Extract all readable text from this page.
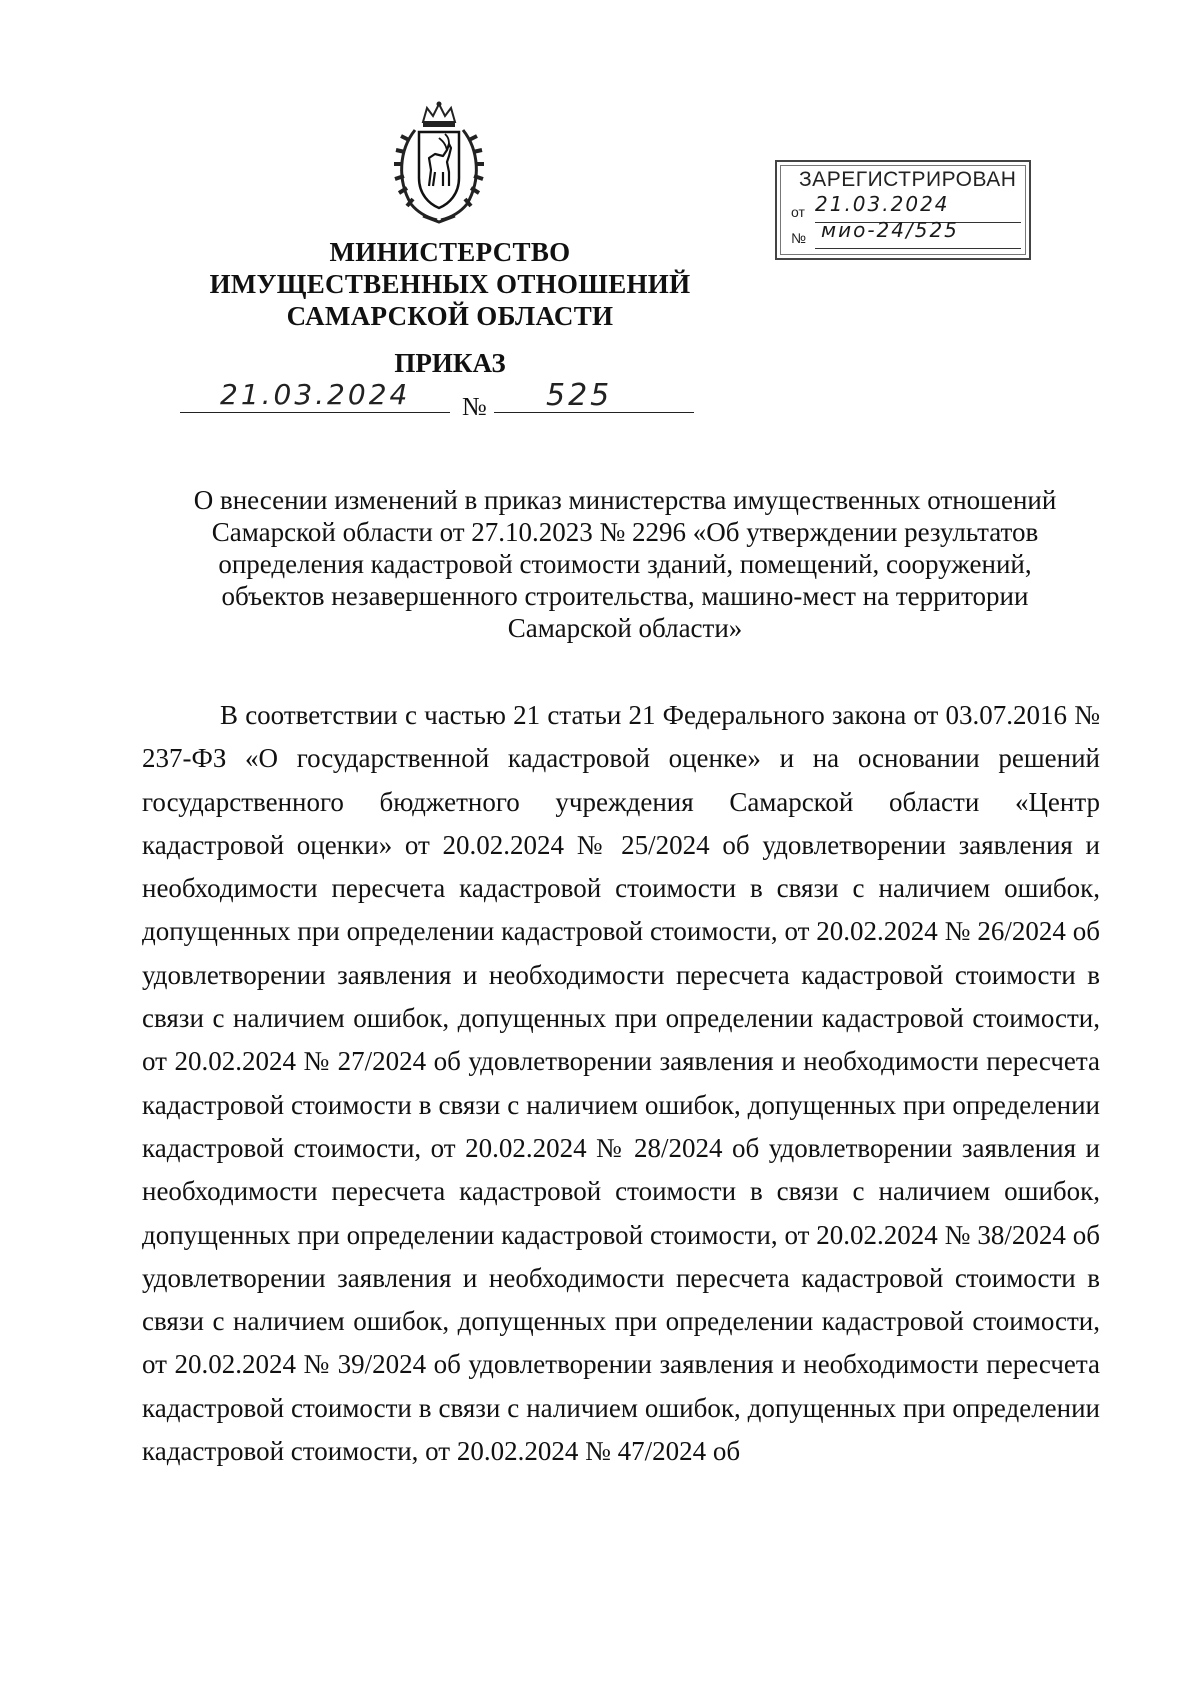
ЗАРЕГИСТРИРОВАН
от 21.03.2024
№ мио-24/525
МИНИСТЕРСТВО
ИМУЩЕСТВЕННЫХ ОТНОШЕНИЙ
САМАРСКОЙ ОБЛАСТИ
ПРИКАЗ
21.03.2024 № 525
О внесении изменений в приказ министерства имущественных отношений
Самарской области от 27.10.2023 № 2296 «Об утверждении результатов
определения кадастровой стоимости зданий, помещений, сооружений,
объектов незавершенного строительства, машино-мест на территории
Самарской области»

В соответствии с частью 21 статьи 21 Федерального закона от 03.07.2016 № 237-ФЗ «О государственной кадастровой оценке» и на основании решений государственного бюджетного учреждения Самарской области «Центр кадастровой оценки» от 20.02.2024 № 25/2024 об удовлетворении заявления и необходимости пересчета кадастровой стоимости в связи с наличием ошибок, допущенных при определении кадастровой стоимости, от 20.02.2024 № 26/2024 об удовлетворении заявления и необходимости пересчета кадастровой стоимости в связи с наличием ошибок, допущенных при определении кадастровой стоимости, от 20.02.2024 № 27/2024 об удовлетворении заявления и необходимости пересчета кадастровой стоимости в связи с наличием ошибок, допущенных при определении кадастровой стоимости, от 20.02.2024 № 28/2024 об удовлетворении заявления и необходимости пересчета кадастровой стоимости в связи с наличием ошибок, допущенных при определении кадастровой стоимости, от 20.02.2024 № 38/2024 об удовлетворении заявления и необходимости пересчета кадастровой стоимости в связи с наличием ошибок, допущенных при определении кадастровой стоимости, от 20.02.2024 № 39/2024 об удовлетворении заявления и необходимости пересчета кадастровой стоимости в связи с наличием ошибок, допущенных при определении кадастровой стоимости, от 20.02.2024 № 47/2024 об
